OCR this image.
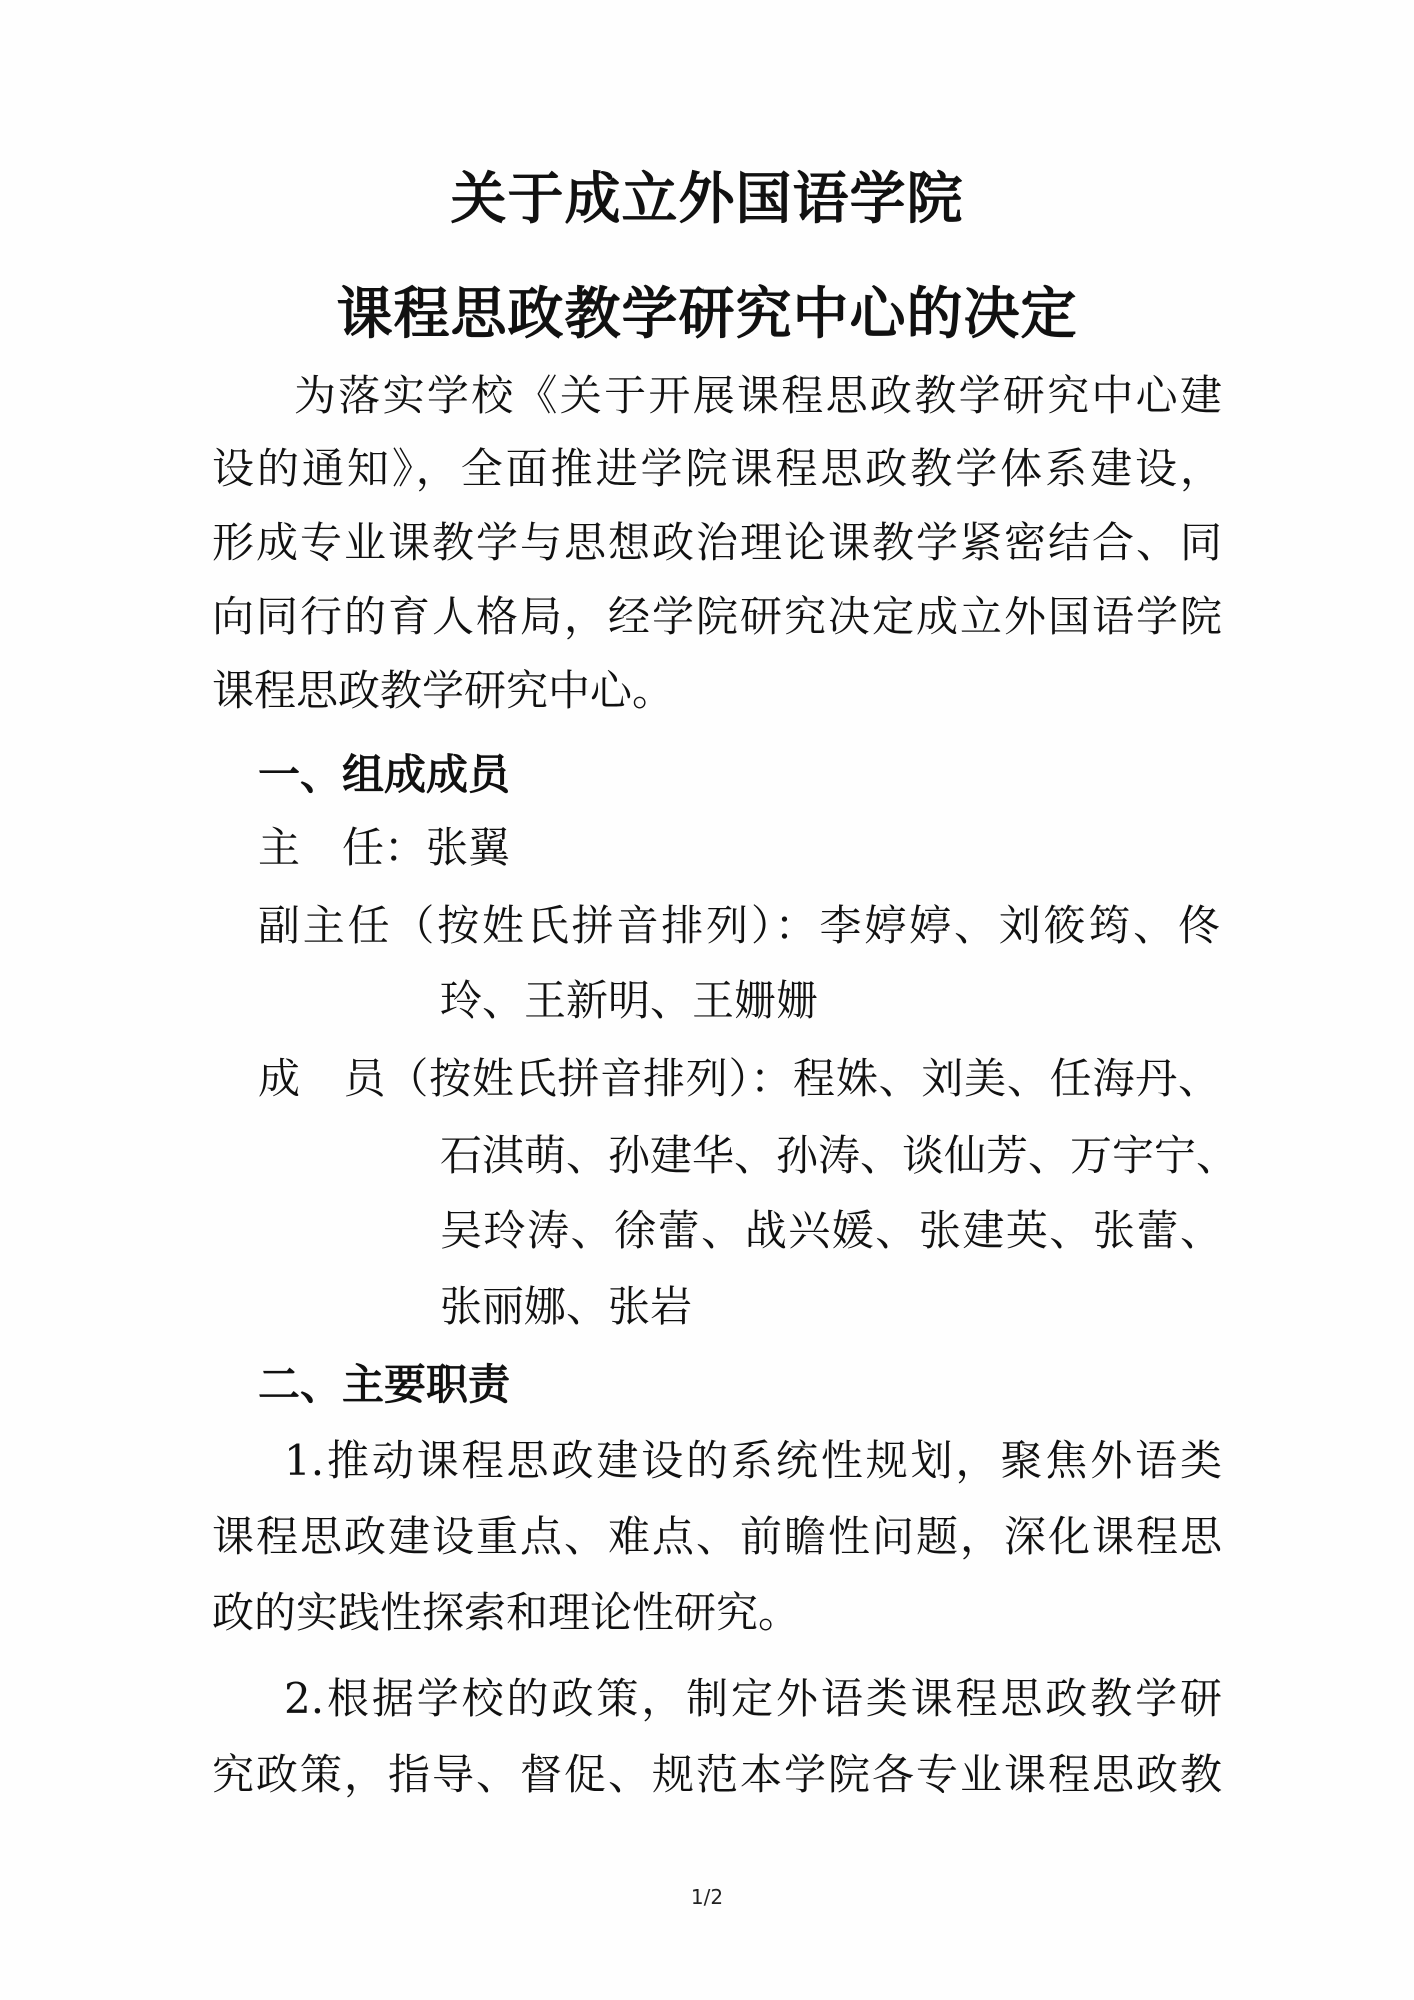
关于成立外国语学院
课程思政教学研究中心的决定
为落实学校《关于开展课程思政教学研究中心建
设的通知》，全面推进学院课程思政教学体系建设，
形成专业课教学与思想政治理论课教学紧密结合、同
向同行的育人格局，经学院研究决定成立外国语学院
课程思政教学研究中心。
一、组成成员
主　任：张翼
副主任（按姓氏拼音排列）：李婷婷、刘筱筠、佟
玲、王新明、王姗姗
成　员（按姓氏拼音排列）：程姝、刘美、任海丹、
石淇萌、孙建华、孙涛、谈仙芳、万宇宁、
吴玲涛、徐蕾、战兴媛、张建英、张蕾、
张丽娜、张岩
二、主要职责
1.推动课程思政建设的系统性规划，聚焦外语类
课程思政建设重点、难点、前瞻性问题，深化课程思
政的实践性探索和理论性研究。
2.根据学校的政策，制定外语类课程思政教学研
究政策，指导、督促、规范本学院各专业课程思政教
1/2
